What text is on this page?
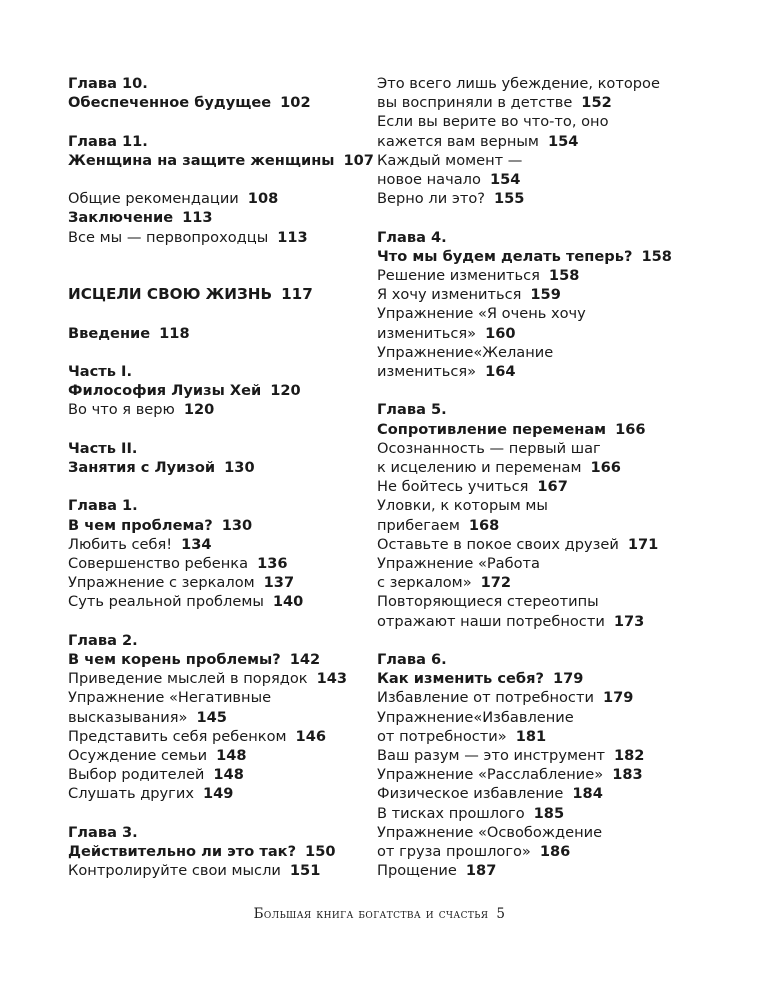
Глава 10.
Обеспеченное будущее 102
Глава 11.
Женщина на защите женщины 107
Общие рекомендации 108
Заключение 113
Все мы — первопроходцы 113
ИСЦЕЛИ СВОЮ ЖИЗНЬ 117
Введение 118
Часть I.
Философия Луизы Хей 120
Во что я верю 120
Часть II.
Занятия с Луизой 130
Глава 1.
В чем проблема? 130
Любить себя! 134
Совершенство ребенка 136
Упражнение с зеркалом 137
Суть реальной проблемы 140
Глава 2.
В чем корень проблемы? 142
Приведение мыслей в порядок 143
Упражнение «Негативные
высказывания» 145
Представить себя ребенком 146
Осуждение семьи 148
Выбор родителей 148
Слушать других 149
Глава 3.
Действительно ли это так? 150
Контролируйте свои мысли 151
Это всего лишь убеждение, которое
вы восприняли в детстве 152
Если вы верите во что-то, оно
кажется вам верным 154
Каждый момент —
новое начало 154
Верно ли это? 155
Глава 4.
Что мы будем делать теперь? 158
Решение измениться 158
Я хочу измениться 159
Упражнение «Я очень хочу
измениться» 160
Упражнение«Желание
измениться» 164
Глава 5.
Сопротивление переменам 166
Осознанность — первый шаг
к исцелению и переменам 166
Не бойтесь учиться 167
Уловки, к которым мы
прибегаем 168
Оставьте в покое своих друзей 171
Упражнение «Работа
с зеркалом» 172
Повторяющиеся стереотипы
отражают наши потребности 173
Глава 6.
Как изменить себя? 179
Избавление от потребности 179
Упражнение«Избавление
от потребности» 181
Ваш разум — это инструмент 182
Упражнение «Расслабление» 183
Физическое избавление 184
В тисках прошлого 185
Упражнение «Освобождение
от груза прошлого» 186
Прощение 187
Большая книга богатства и счастья 5
